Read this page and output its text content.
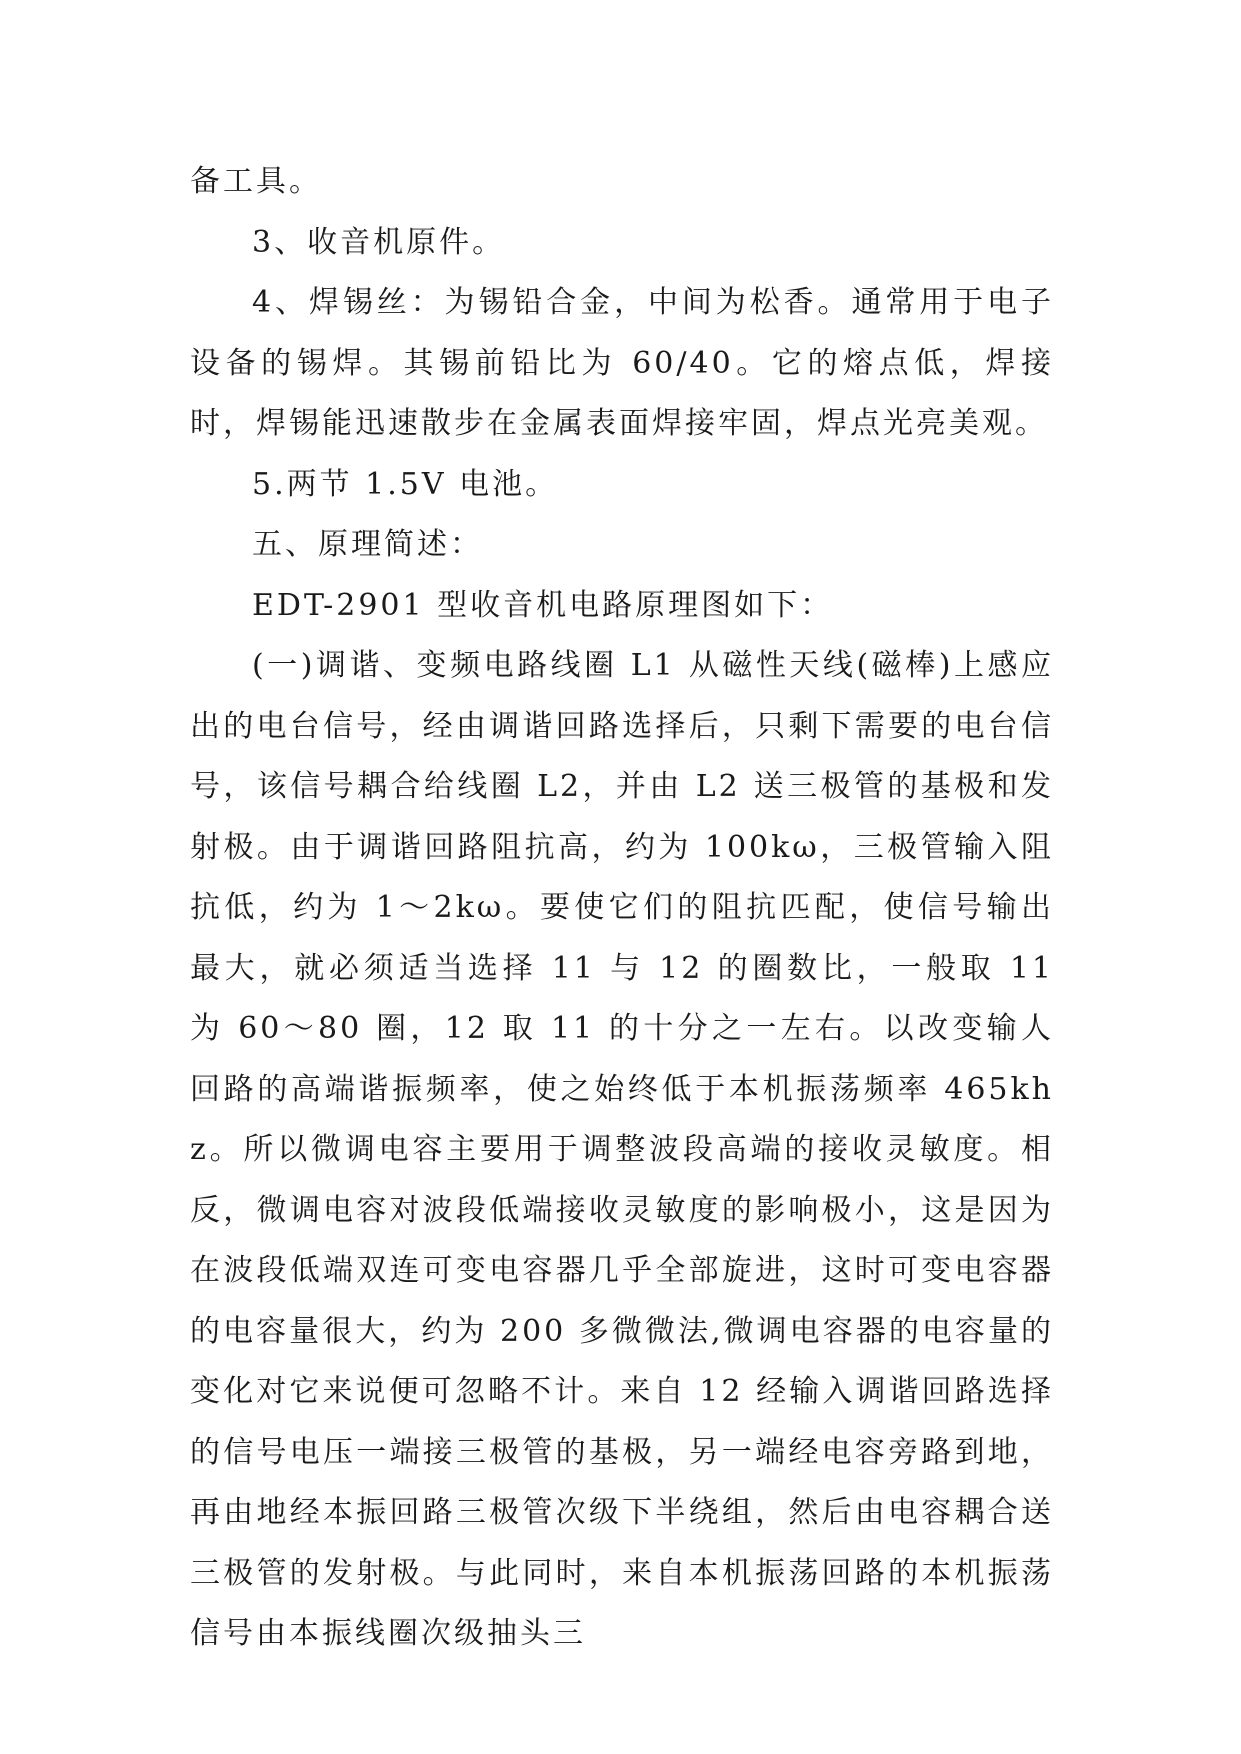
备工具。

3、收音机原件。

4、焊锡丝：为锡铅合金，中间为松香。通常用于电子设备的锡焊。其锡前铅比为 60/40。它的熔点低，焊接时，焊锡能迅速散步在金属表面焊接牢固，焊点光亮美观。

5.两节 1.5V 电池。

五、原理简述：

EDT-2901 型收音机电路原理图如下：

(一)调谐、变频电路线圈 L1 从磁性天线(磁棒)上感应出的电台信号，经由调谐回路选择后，只剩下需要的电台信号，该信号耦合给线圈 L2，并由 L2 送三极管的基极和发射极。由于调谐回路阻抗高，约为 100kω，三极管输入阻抗低，约为 1～2kω。要使它们的阻抗匹配，使信号输出最大，就必须适当选择 11 与 12 的圈数比，一般取 11 为 60～80 圈，12 取 11 的十分之一左右。以改变输人回路的高端谐振频率，使之始终低于本机振荡频率 465khz。所以微调电容主要用于调整波段高端的接收灵敏度。相反，微调电容对波段低端接收灵敏度的影响极小，这是因为在波段低端双连可变电容器几乎全部旋进，这时可变电容器的电容量很大，约为 200 多微微法,微调电容器的电容量的变化对它来说便可忽略不计。来自 12 经输入调谐回路选择的信号电压一端接三极管的基极，另一端经电容旁路到地，再由地经本振回路三极管次级下半绕组，然后由电容耦合送三极管的发射极。与此同时，来自本机振荡回路的本机振荡信号由本振线圈次级抽头三
